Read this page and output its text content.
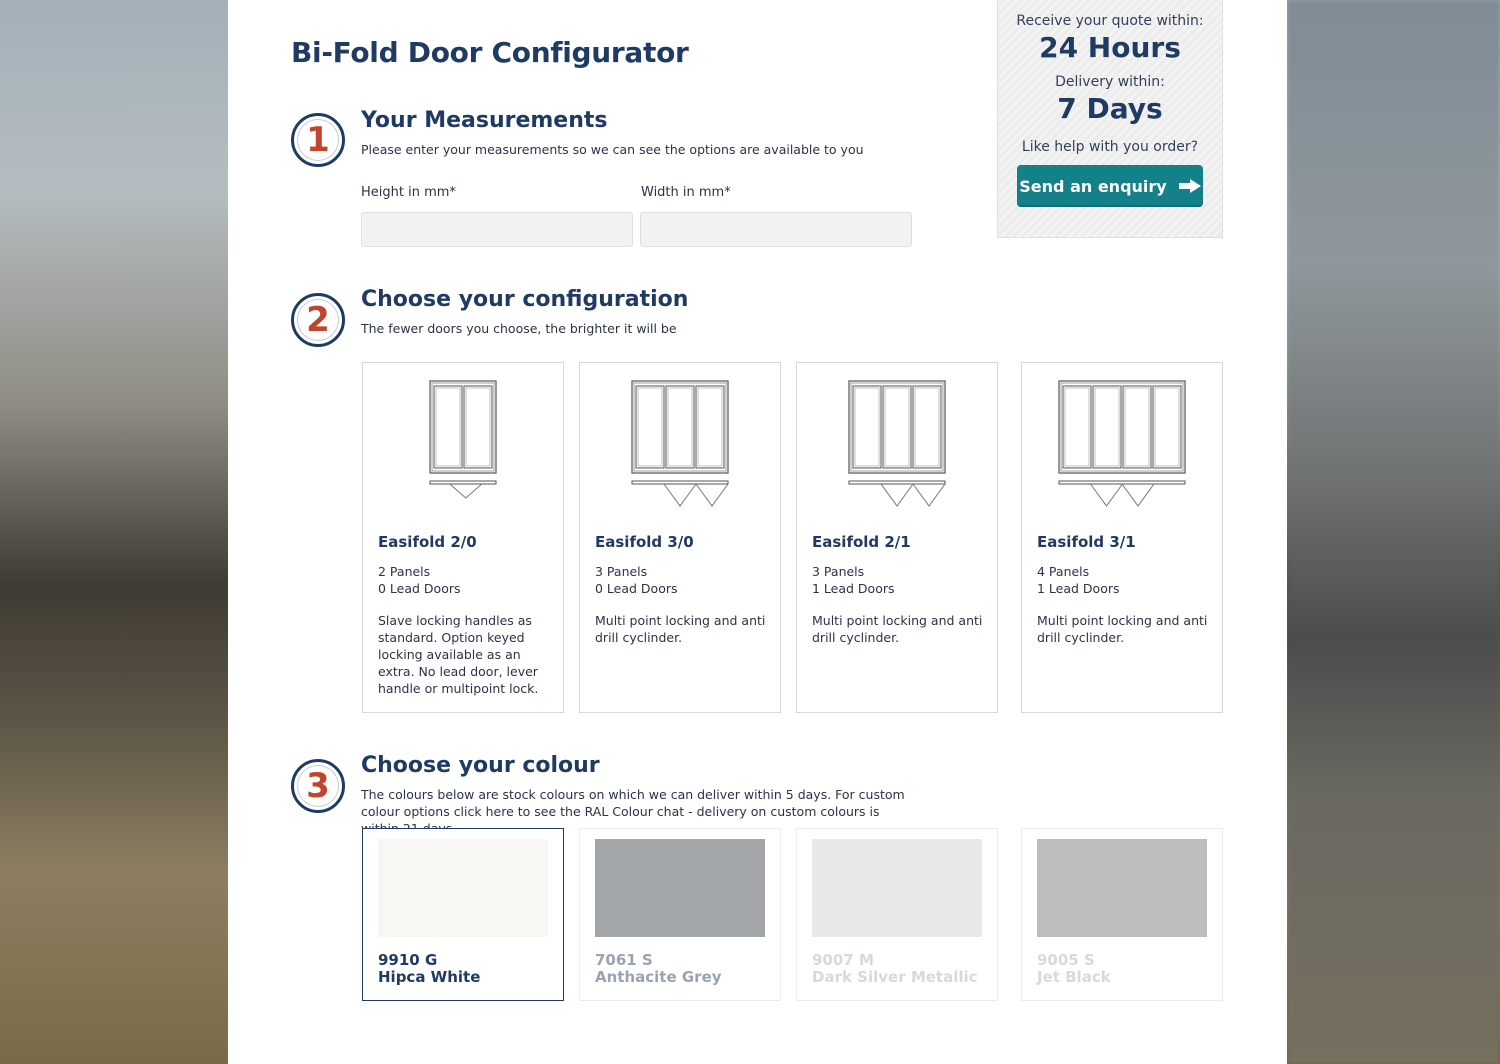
Bi-Fold Door Configurator
Receive your quote within:
24 Hours
Delivery within:
7 Days
Like help with you order?
Send an enquiry
1	Your Measurements

Please enter your measurements so we can see the options are available to you

Height in mm*	Width in mm*
2
Choose your configuration

The fewer doors you choose, the brighter it will be

Easifold 2/0
2 Panels
0 Lead Doors
Slave locking handles as standard. Option keyed locking available as an extra. No lead door, lever handle or multipoint lock.
Easifold 3/0
3 Panels
0 Lead Doors
Multi point locking and anti drill cyclinder.
Easifold 2/1
3 Panels
1 Lead Doors
Multi point locking and anti drill cyclinder.
Easifold 3/1
4 Panels
1 Lead Doors
Multi point locking and anti drill cyclinder.
3
Choose your colour

The colours below are stock colours on which we can deliver within 5 days. For custom colour options click here to see the RAL Colour chat - delivery on custom colours is

9910 G
Hipca White
7061 S
Anthacite Grey
9007 M
Dark Silver Metallic
9005 S
Jet Black
